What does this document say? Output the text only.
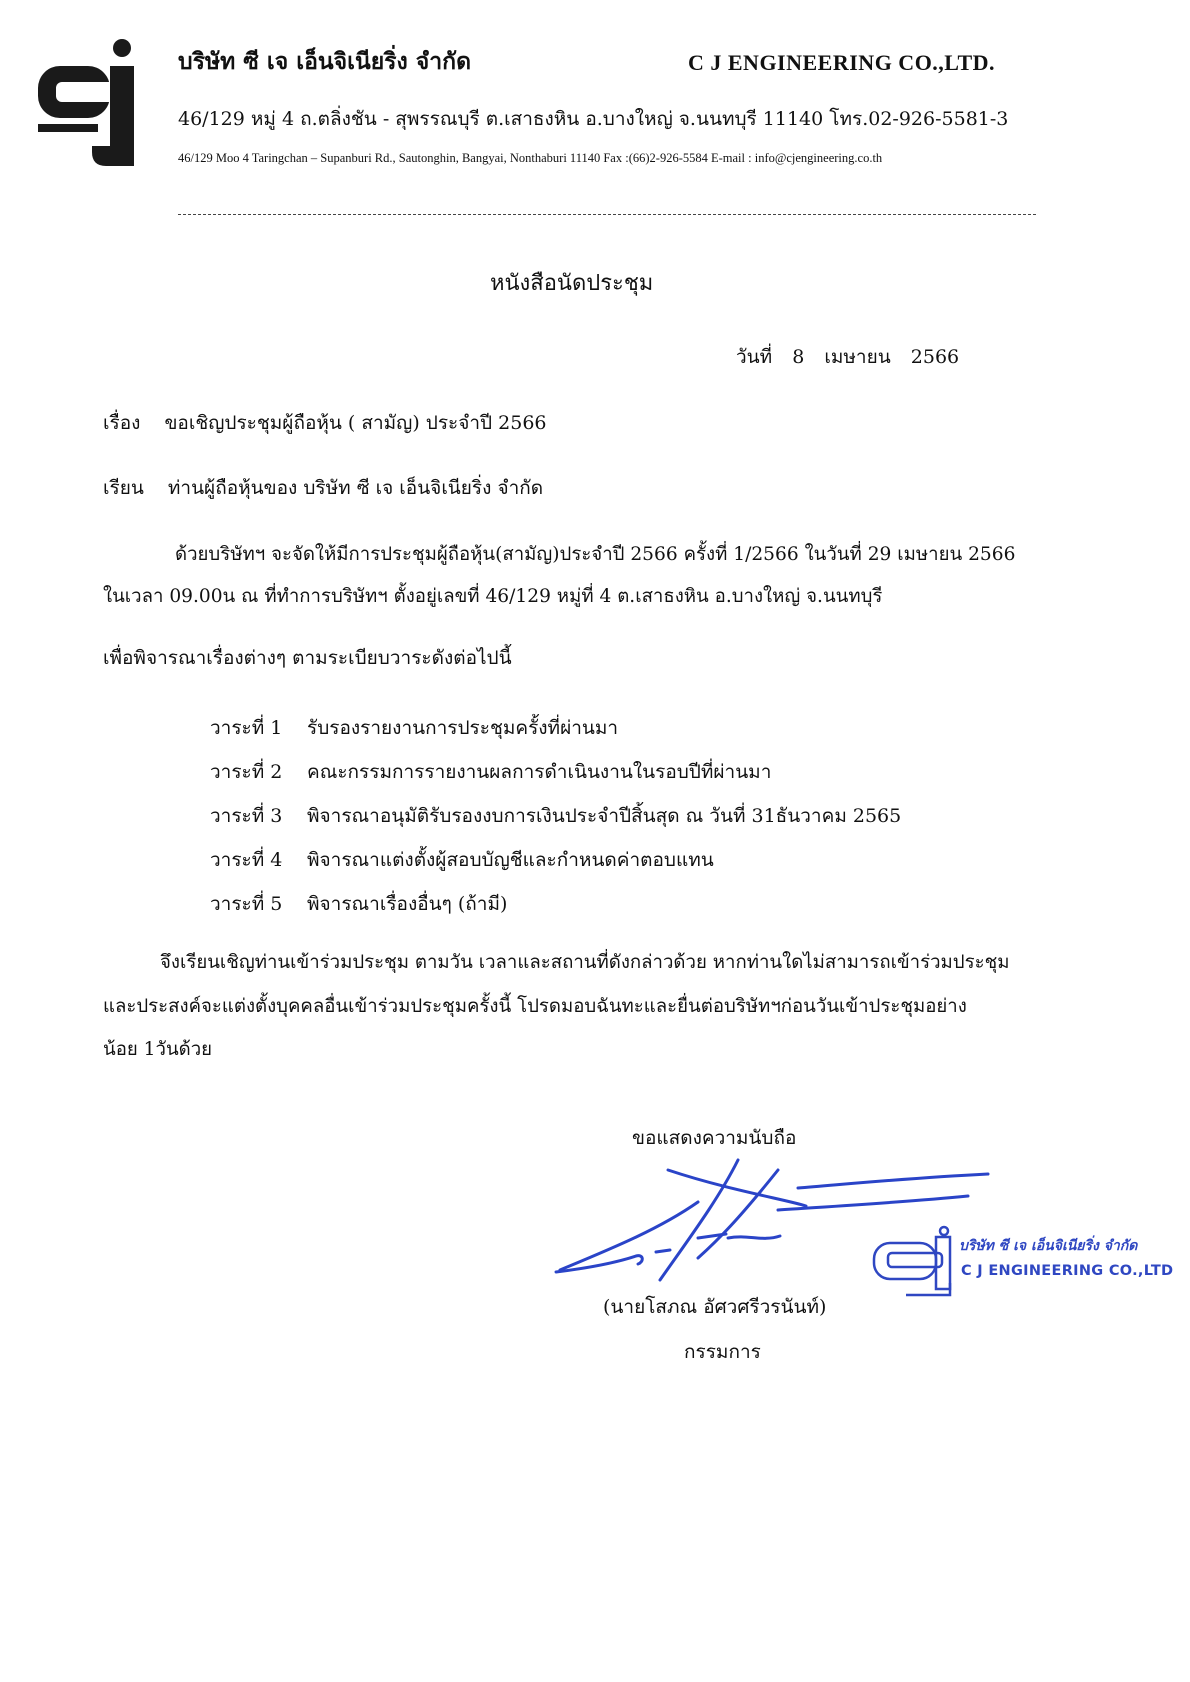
บริษัท ซี เจ เอ็นจิเนียริ่ง จำกัด	C J ENGINEERING CO.,LTD.
46/129 หมู่ 4 ถ.ตลิ่งชัน - สุพรรณบุรี ต.เสาธงหิน อ.บางใหญ่ จ.นนทบุรี 11140 โทร.02-926-5581-3
46/129 Moo 4 Taringchan – Supanburi Rd., Sautonghin, Bangyai, Nonthaburi 11140 Fax :(66)2-926-5584 E-mail : info@cjengineering.co.th
หนังสือนัดประชุม
วันที่ 8 เมษายน 2566
เรื่อง ขอเชิญประชุมผู้ถือหุ้น ( สามัญ) ประจำปี 2566
เรียน ท่านผู้ถือหุ้นของ บริษัท ซี เจ เอ็นจิเนียริ่ง จำกัด
ด้วยบริษัทฯ จะจัดให้มีการประชุมผู้ถือหุ้น(สามัญ)ประจำปี 2566 ครั้งที่ 1/2566 ในวันที่ 29 เมษายน 2566
ในเวลา 09.00น ณ ที่ทำการบริษัทฯ ตั้งอยู่เลขที่ 46/129 หมู่ที่ 4 ต.เสาธงหิน อ.บางใหญ่ จ.นนทบุรี
เพื่อพิจารณาเรื่องต่างๆ ตามระเบียบวาระดังต่อไปนี้
วาระที่ 1	รับรองรายงานการประชุมครั้งที่ผ่านมา
วาระที่ 2	คณะกรรมการรายงานผลการดำเนินงานในรอบปีที่ผ่านมา
วาระที่ 3	พิจารณาอนุมัติรับรองงบการเงินประจำปีสิ้นสุด ณ วันที่ 31ธันวาคม 2565
วาระที่ 4	พิจารณาแต่งตั้งผู้สอบบัญชีและกำหนดค่าตอบแทน
วาระที่ 5	พิจารณาเรื่องอื่นๆ (ถ้ามี)
จึงเรียนเชิญท่านเข้าร่วมประชุม ตามวัน เวลาและสถานที่ดังกล่าวด้วย หากท่านใดไม่สามารถเข้าร่วมประชุม
และประสงค์จะแต่งตั้งบุคคลอื่นเข้าร่วมประชุมครั้งนี้ โปรดมอบฉันทะและยื่นต่อบริษัทฯก่อนวันเข้าประชุมอย่าง
น้อย 1วันด้วย
ขอแสดงความนับถือ
บริษัท ซี เจ เอ็นจิเนียริ่ง จำกัด
C J ENGINEERING CO.,LTD
(นายโสภณ อัศวศรีวรนันท์)
กรรมการ
